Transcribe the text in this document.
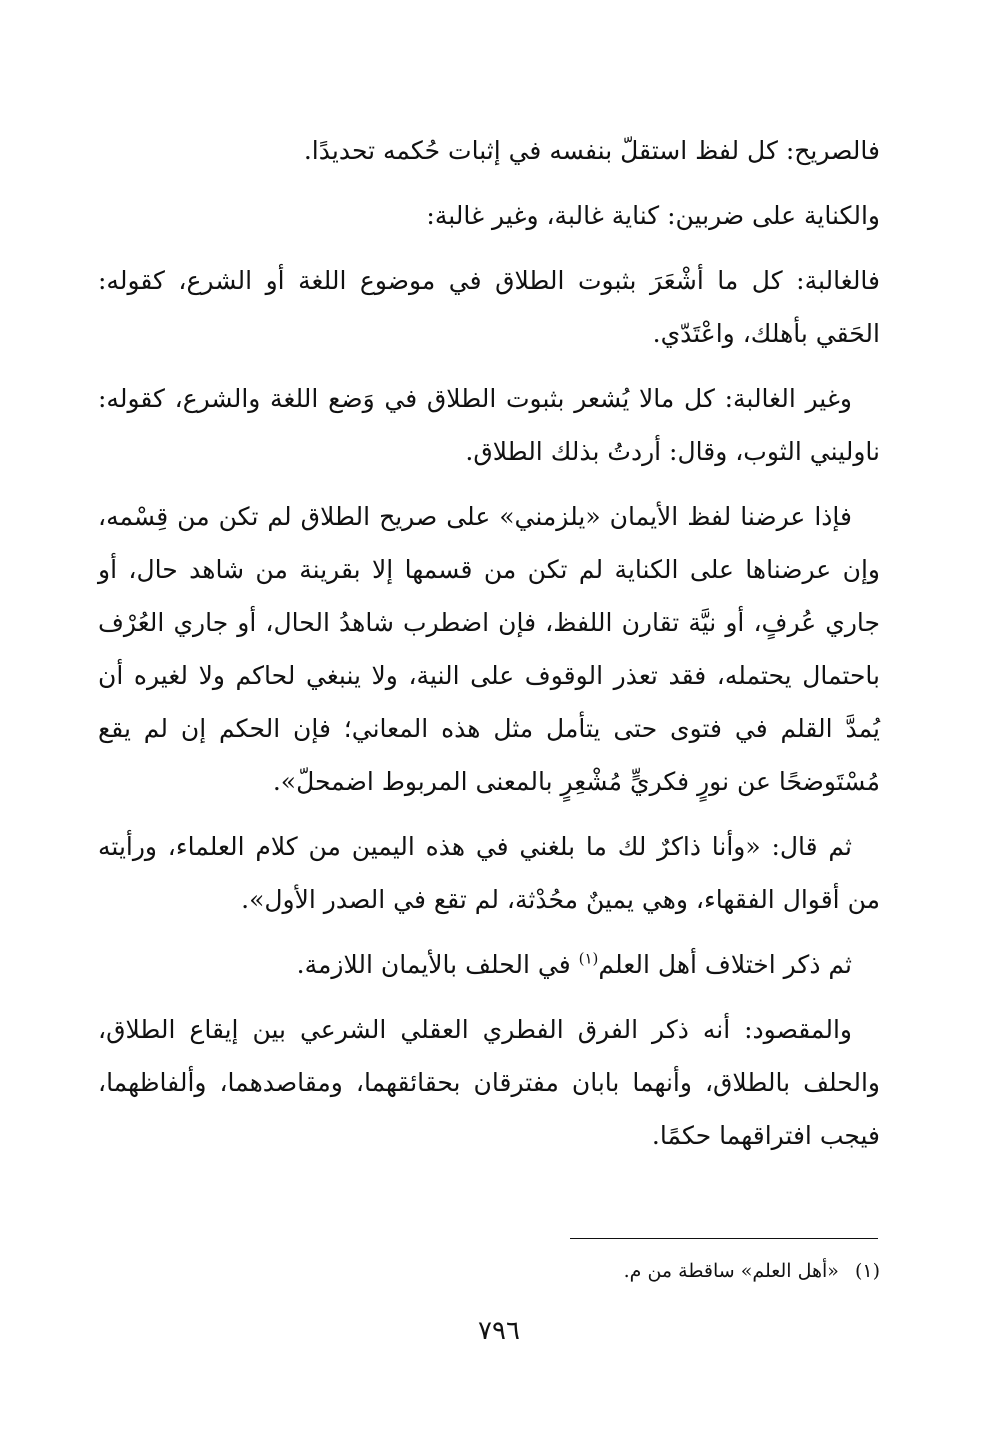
فالصريح: كل لفظ استقلّ بنفسه في إثبات حُكمه تحديدًا.

والكناية على ضربين: كناية غالبة، وغير غالبة:

فالغالبة: كل ما أشْعَرَ بثبوت الطلاق في موضوع اللغة أو الشرع، كقوله: الحَقي بأهلك، واعْتَدّي.

وغير الغالبة: كل مالا يُشعر بثبوت الطلاق في وَضع اللغة والشرع، كقوله: ناوليني الثوب، وقال: أردتُ بذلك الطلاق.

فإذا عرضنا لفظ الأيمان «يلزمني» على صريح الطلاق لم تكن من قِسْمه، وإن عرضناها على الكناية لم تكن من قسمها إلا بقرينة من شاهد حال، أو جاري عُرفٍ، أو نيَّة تقارن اللفظ، فإن اضطرب شاهدُ الحال، أو جاري العُرْف باحتمال يحتمله، فقد تعذر الوقوف على النية، ولا ينبغي لحاكم ولا لغيره أن يُمدَّ القلم في فتوى حتى يتأمل مثل هذه المعاني؛ فإن الحكم إن لم يقع مُسْتَوضحًا عن نورٍ فكريٍّ مُشْعِرٍ بالمعنى المربوط اضمحلّ».

ثم قال: «وأنا ذاكرٌ لك ما بلغني في هذه اليمين من كلام العلماء، ورأيته من أقوال الفقهاء، وهي يمينٌ محُدْثة، لم تقع في الصدر الأول».

ثم ذكر اختلاف أهل العلم$^{(١)}$ في الحلف بالأيمان اللازمة.

والمقصود: أنه ذكر الفرق الفطري العقلي الشرعي بين إيقاع الطلاق، والحلف بالطلاق، وأنهما بابان مفترقان بحقائقهما، ومقاصدهما، وألفاظهما، فيجب افتراقهما حكمًا.

(١) «أهل العلم» ساقطة من م.
٧٩٦
